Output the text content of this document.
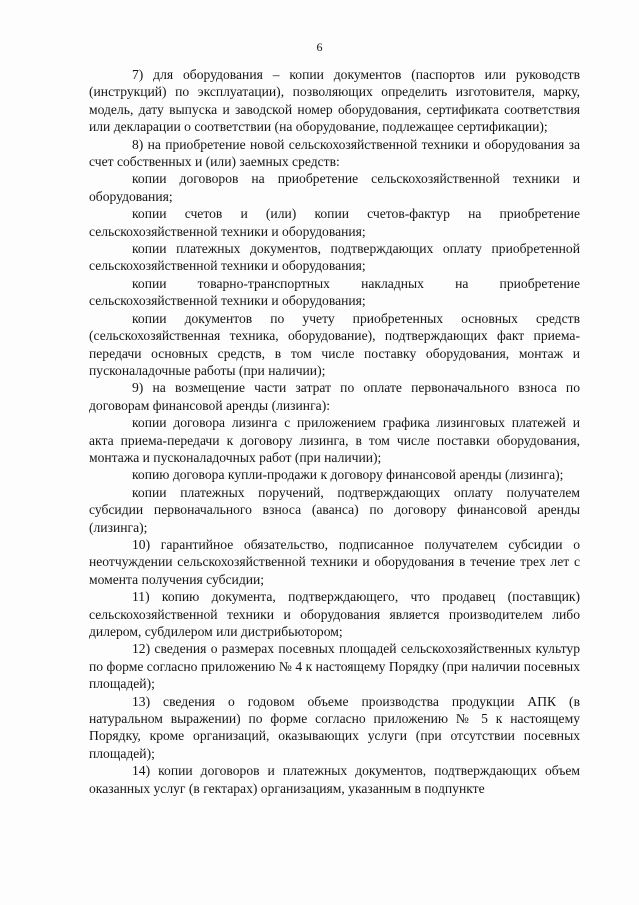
6

7) для оборудования – копии документов (паспортов или руководств (инструкций) по эксплуатации), позволяющих определить изготовителя, марку, модель, дату выпуска и заводской номер оборудования, сертификата соответствия или декларации о соответствии (на оборудование, подлежащее сертификации);

8) на приобретение новой сельскохозяйственной техники и оборудования за счет собственных и (или) заемных средств:

копии договоров на приобретение сельскохозяйственной техники и оборудования;

копии счетов и (или) копии счетов-фактур на приобретение сельскохозяйственной техники и оборудования;

копии платежных документов, подтверждающих оплату приобретенной сельскохозяйственной техники и оборудования;

копии товарно-транспортных накладных на приобретение сельскохозяйственной техники и оборудования;

копии документов по учету приобретенных основных средств (сельскохозяйственная техника, оборудование), подтверждающих факт приема-передачи основных средств, в том числе поставку оборудования, монтаж и пусконаладочные работы (при наличии);

9) на возмещение части затрат по оплате первоначального взноса по договорам финансовой аренды (лизинга):

копии договора лизинга с приложением графика лизинговых платежей и акта приема-передачи к договору лизинга, в том числе поставки оборудования, монтажа и пусконаладочных работ (при наличии);

копию договора купли-продажи к договору финансовой аренды (лизинга);

копии платежных поручений, подтверждающих оплату получателем субсидии первоначального взноса (аванса) по договору финансовой аренды (лизинга);

10) гарантийное обязательство, подписанное получателем субсидии о неотчуждении сельскохозяйственной техники и оборудования в течение трех лет с момента получения субсидии;

11) копию документа, подтверждающего, что продавец (поставщик) сельскохозяйственной техники и оборудования является производителем либо дилером, субдилером или дистрибьютором;

12) сведения о размерах посевных площадей сельскохозяйственных культур по форме согласно приложению № 4 к настоящему Порядку (при наличии посевных площадей);

13) сведения о годовом объеме производства продукции АПК (в натуральном выражении) по форме согласно приложению № 5 к настоящему Порядку, кроме организаций, оказывающих услуги (при отсутствии посевных площадей);

14) копии договоров и платежных документов, подтверждающих объем оказанных услуг (в гектарах) организациям, указанным в подпункте
